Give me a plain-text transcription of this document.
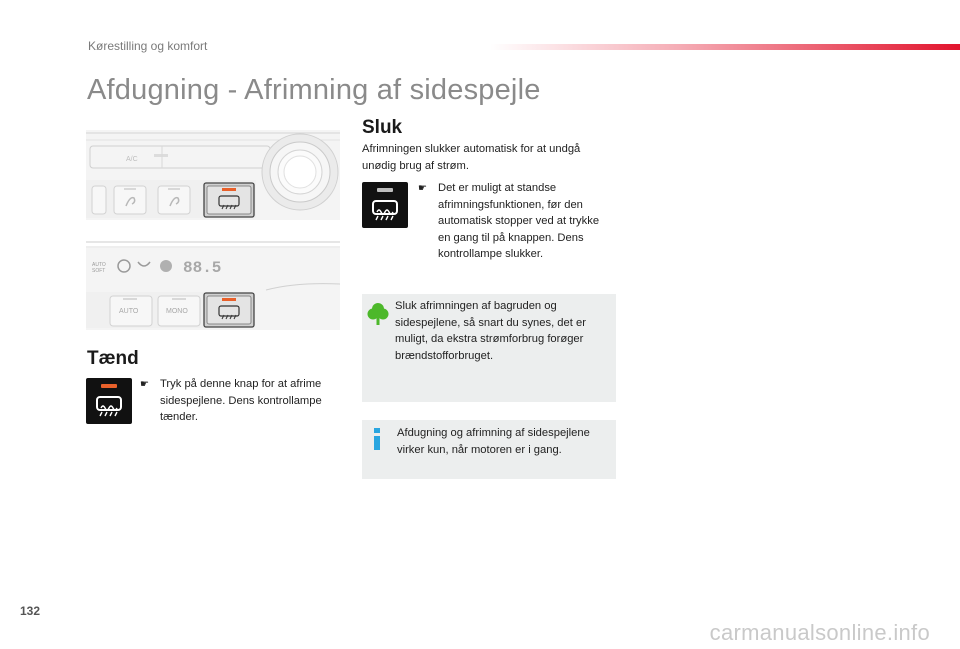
Kørestilling og komfort
Afdugning - Afrimning af sidespejle
A/C
AUTO
SOFT	88.5
AUTO	MONO
Tænd
☛ Tryk på denne knap for at afrime
sidespejlene. Dens kontrollampe
tænder.
Sluk
Afrimningen slukker automatisk for at undgå
unødig brug af strøm.
☛ Det er muligt at standse
afrimningsfunktionen, før den
automatisk stopper ved at trykke
en gang til på knappen. Dens
kontrollampe slukker.
Sluk afrimningen af bagruden og
sidespejlene, så snart du synes, det er
muligt, da ekstra strømforbrug forøger
brændstofforbruget.
Afdugning og afrimning af sidespejlene
virker kun, når motoren er i gang.
132
carmanualsonline.info
